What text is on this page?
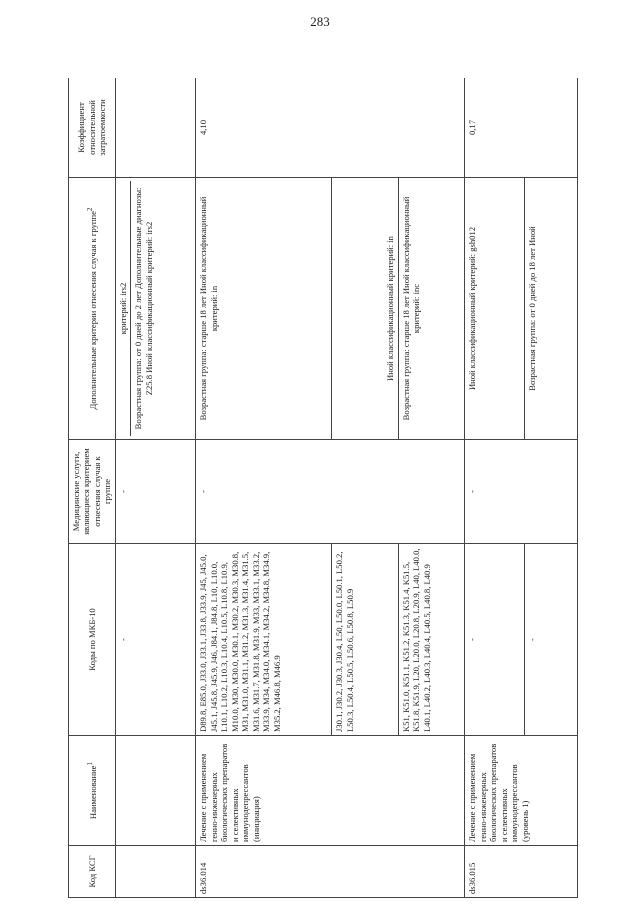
283
Код КСГ	Наименование$^1$	Коды по МКБ-10	Медицинские услуги, являющиеся критерием отнесения случая к группе	Дополнительные критерии отнесения случая к группе$^2$	Коэффициент относительной затратоемкости
		-	-	критерий: irs2 Возрастная группа: от 0 дней до 2 лет Дополнительные диагнозы: Z25.8 Иной классификационный критерий: irs2	

ds36.014	Лечение с применением генно-инженерных биологических препаратов и селективных иммунодепрессантов (инициация)	D89.8, E85.0, J33.0, J33.1, J33.8, J33.9, J45, J45.0, J45.1, J45.8, J45.9, J46, J84.1, J84.8, L10, L10.0, L10.1, L10.2, L10.3, L10.4, L10.5, L10.8, L10.9, M10.0, M30, M30.0, M30.1, M30.2, M30.3, M30.8, M31, M31.0, M31.1, M31.2, M31.3, M31.4, M31.5, M31.6, M31.7, M31.8, M31.9, M33, M33.1, M33.2, M33.9, M34, M34.0, M34.1, M34.2, M34.8, M34.9, M35.2, M46.8, M46.9	-	Возрастная группа: старше 18 лет Иной классификационный критерий: in	4,10
		J30.1, J30.2, J30.3, J30.4, L50, L50.0, L50.1, L50.2, L50.3, L50.4, L50.5, L50.6, L50.8, L50.9		Иной классификационный критерий: in	
		K51, K51.0, K51.1, K51.2, K51.3, K51.4, K51.5, K51.8, K51.9, L20, L20.0, L20.8, L20.9, L40, L40.0, L40.1, L40.2, L40.3, L40.4, L40.5, L40.8, L40.9		Возрастная группа: старше 18 лет Иной классификационный критерий: inc	
ds36.015	Лечение с применением генно-инженерных биологических препаратов и селективных иммунодепрессантов (уровень 1)	-	-	Иной классификационный критерий: gsh012	0,17
		-		Возрастная группа: от 0 дней до 18 лет Иной	
